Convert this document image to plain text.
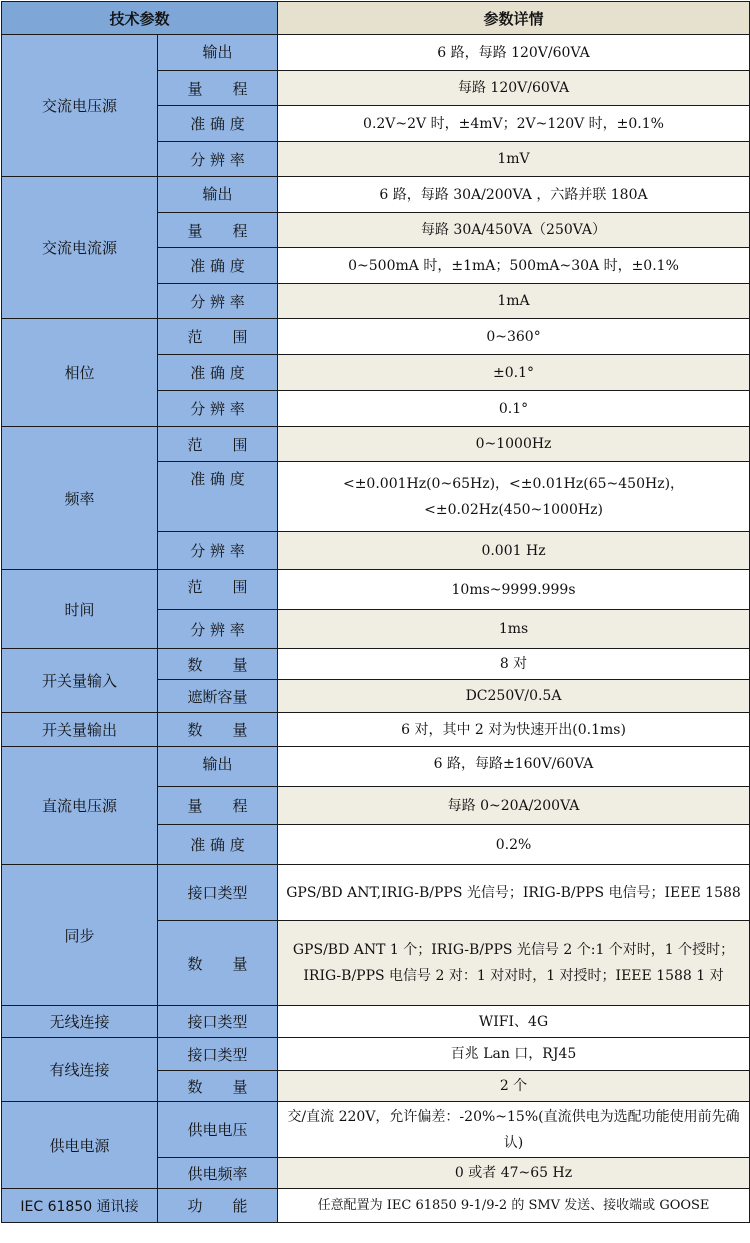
技术参数		参数详情
交流电压源	输出	6 路，每路 120V/60VA
	量　　程	每路 120V/60VA
	准 确 度	0.2V~2V 时，±4mV；2V~120V 时，±0.1%
	分 辨 率	1mV
交流电流源	输出	6 路，每路 30A/200VA ，六路并联 180A
	量　　程	每路 30A/450VA（250VA）
	准 确 度	0~500mA 时，±1mA；500mA~30A 时，±0.1%
	分 辨 率	1mA
相位	范　　围	0~360°
	准 确 度	±0.1°
	分 辨 率	0.1°
频率	范　　围	0~1000Hz
	准 确 度	<±0.001Hz(0~65Hz)，<±0.01Hz(65~450Hz)，<±0.02Hz(450~1000Hz)
	分 辨 率	0.001 Hz
时间	范　　围	10ms~9999.999s
	分 辨 率	1ms
开关量输入	数　　量	8 对
	遮断容量	DC250V/0.5A
开关量输出	数　　量	6 对，其中 2 对为快速开出(0.1ms)
直流电压源	输出	6 路，每路±160V/60VA
	量　　程	每路 0~20A/200VA
	准 确 度	0.2%
同步	接口类型	GPS/BD ANT,IRIG-B/PPS 光信号；IRIG-B/PPS 电信号；IEEE 1588
	数　　量	GPS/BD ANT 1 个；IRIG-B/PPS 光信号 2 个:1 个对时，1 个授时；IRIG-B/PPS 电信号 2 对：1 对对时，1 对授时；IEEE 1588 1 对
无线连接	接口类型	WIFI、4G
有线连接	接口类型	百兆 Lan 口，RJ45
	数　　量	2 个
供电电源	供电电压	交/直流 220V，允许偏差：-20%~15%(直流供电为选配功能使用前先确认)
	供电频率	0 或者 47~65 Hz
IEC 61850 通讯接	功　　能	任意配置为 IEC 61850 9-1/9-2 的 SMV 发送、接收端或 GOOSE
